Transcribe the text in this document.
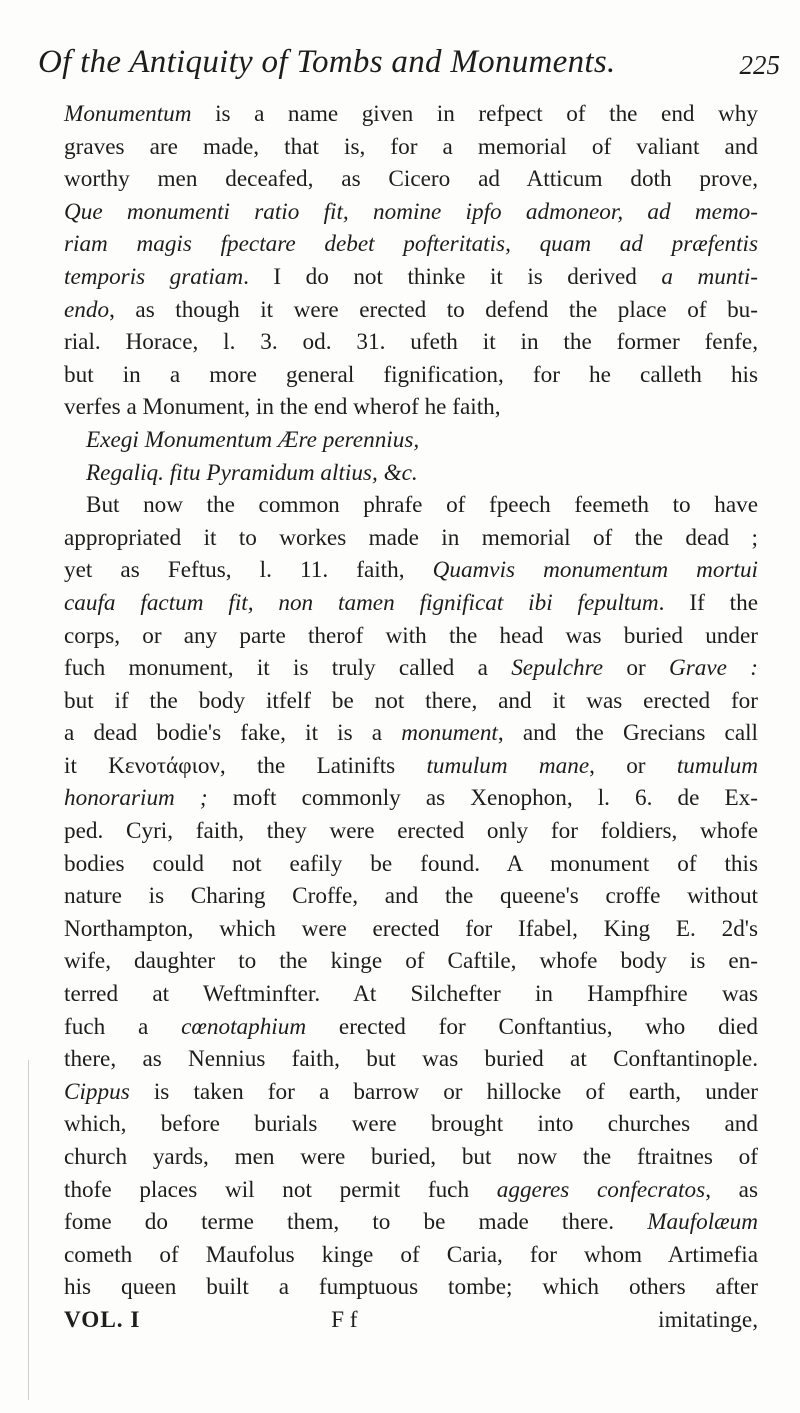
Of the Antiquity of Tombs and Monuments.	225
Monumentum is a name given in refpect of the end why
graves are made, that is, for a memorial of valiant and
worthy men deceafed, as Cicero ad Atticum doth prove,
Que monumenti ratio fit, nomine ipfo admoneor, ad memo-
riam magis fpectare debet pofteritatis, quam ad præfentis
temporis gratiam. I do not thinke it is derived a munti-
endo, as though it were erected to defend the place of bu-
rial. Horace, l. 3. od. 31. ufeth it in the former fenfe,
but in a more general fignification, for he calleth his
verfes a Monument, in the end wherof he faith,
Exegi Monumentum Ære perennius,
Regaliq. fitu Pyramidum altius, &c.
But now the common phrafe of fpeech feemeth to have
appropriated it to workes made in memorial of the dead ;
yet as Feftus, l. 11. faith, Quamvis monumentum mortui
caufa factum fit, non tamen fignificat ibi fepultum. If the
corps, or any parte therof with the head was buried under
fuch monument, it is truly called a Sepulchre or Grave :
but if the body itfelf be not there, and it was erected for
a dead bodie's fake, it is a monument, and the Grecians call
it Κενοτάφιον, the Latinifts tumulum mane, or tumulum
honorarium ; moft commonly as Xenophon, l. 6. de Ex-
ped. Cyri, faith, they were erected only for foldiers, whofe
bodies could not eafily be found. A monument of this
nature is Charing Croffe, and the queene's croffe without
Northampton, which were erected for Ifabel, King E. 2d's
wife, daughter to the kinge of Caftile, whofe body is en-
terred at Weftminfter. At Silchefter in Hampfhire was
fuch a cœnotaphium erected for Conftantius, who died
there, as Nennius faith, but was buried at Conftantinople.
Cippus is taken for a barrow or hillocke of earth, under
which, before burials were brought into churches and
church yards, men were buried, but now the ftraitnes of
thofe places wil not permit fuch aggeres confecratos, as
fome do terme them, to be made there. Maufolæum
cometh of Maufolus kinge of Caria, for whom Artimefia
his queen built a fumptuous tombe; which others after
VOL. I	F f	imitatinge,
